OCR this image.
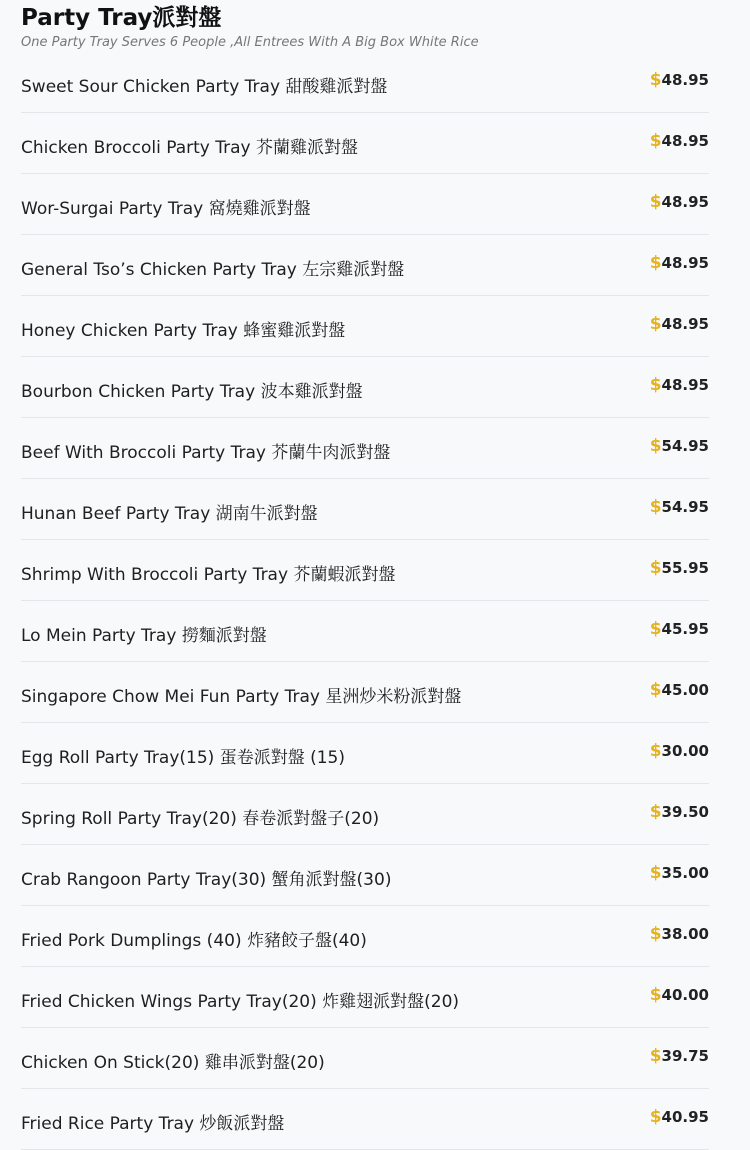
Party Tray派對盤
One Party Tray Serves 6 People ,All Entrees With A Big Box White Rice
Sweet Sour Chicken Party Tray 甜酸雞派對盤	$48.95
Chicken Broccoli Party Tray 芥蘭雞派對盤	$48.95
Wor-Surgai Party Tray 窩燒雞派對盤	$48.95
General Tso’s Chicken Party Tray 左宗雞派對盤	$48.95
Honey Chicken Party Tray 蜂蜜雞派對盤	$48.95
Bourbon Chicken Party Tray 波本雞派對盤	$48.95
Beef With Broccoli Party Tray 芥蘭牛肉派對盤	$54.95
Hunan Beef Party Tray 湖南牛派對盤	$54.95
Shrimp With Broccoli Party Tray 芥蘭蝦派對盤	$55.95
Lo Mein Party Tray 撈麵派對盤	$45.95
Singapore Chow Mei Fun Party Tray 星洲炒米粉派對盤	$45.00
Egg Roll Party Tray(15) 蛋卷派對盤 (15)	$30.00
Spring Roll Party Tray(20) 春卷派對盤子(20)	$39.50
Crab Rangoon Party Tray(30) 蟹角派對盤(30)	$35.00
Fried Pork Dumplings (40) 炸豬餃子盤(40)	$38.00
Fried Chicken Wings Party Tray(20) 炸雞翅派對盤(20)	$40.00
Chicken On Stick(20) 雞串派對盤(20)	$39.75
Fried Rice Party Tray 炒飯派對盤	$40.95
